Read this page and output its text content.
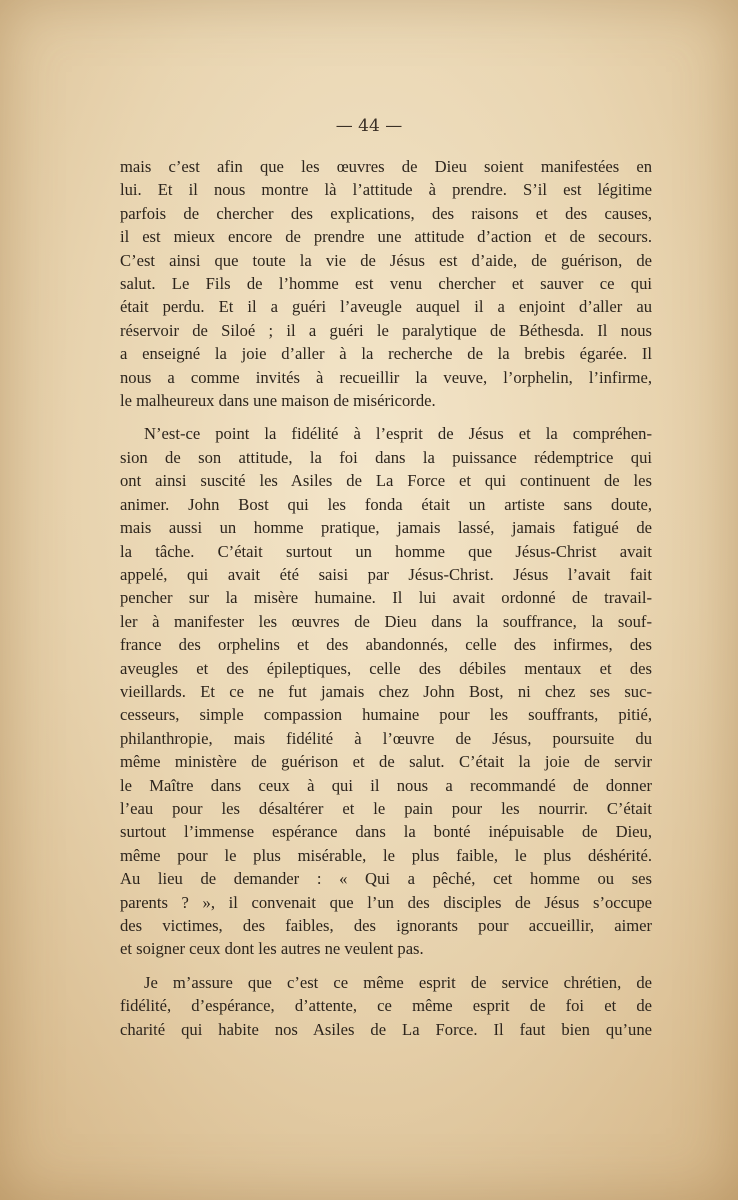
— 44 —

mais c’est afin que les œuvres de Dieu soient manifestées en
lui. Et il nous montre là l’attitude à prendre. S’il est légitime
parfois de chercher des explications, des raisons et des causes,
il est mieux encore de prendre une attitude d’action et de secours.
C’est ainsi que toute la vie de Jésus est d’aide, de guérison, de
salut. Le Fils de l’homme est venu chercher et sauver ce qui
était perdu. Et il a guéri l’aveugle auquel il a enjoint d’aller au
réservoir de Siloé ; il a guéri le paralytique de Béthesda. Il nous
a enseigné la joie d’aller à la recherche de la brebis égarée. Il
nous a comme invités à recueillir la veuve, l’orphelin, l’infirme,
le malheureux dans une maison de miséricorde.

N’est-ce point la fidélité à l’esprit de Jésus et la compréhen-
sion de son attitude, la foi dans la puissance rédemptrice qui
ont ainsi suscité les Asiles de La Force et qui continuent de les
animer. John Bost qui les fonda était un artiste sans doute,
mais aussi un homme pratique, jamais lassé, jamais fatigué de
la tâche. C’était surtout un homme que Jésus-Christ avait
appelé, qui avait été saisi par Jésus-Christ. Jésus l’avait fait
pencher sur la misère humaine. Il lui avait ordonné de travail-
ler à manifester les œuvres de Dieu dans la souffrance, la souf-
france des orphelins et des abandonnés, celle des infirmes, des
aveugles et des épileptiques, celle des débiles mentaux et des
vieillards. Et ce ne fut jamais chez John Bost, ni chez ses suc-
cesseurs, simple compassion humaine pour les souffrants, pitié,
philanthropie, mais fidélité à l’œuvre de Jésus, poursuite du
même ministère de guérison et de salut. C’était la joie de servir
le Maître dans ceux à qui il nous a recommandé de donner
l’eau pour les désaltérer et le pain pour les nourrir. C’était
surtout l’immense espérance dans la bonté inépuisable de Dieu,
même pour le plus misérable, le plus faible, le plus déshérité.
Au lieu de demander : « Qui a pêché, cet homme ou ses
parents ? », il convenait que l’un des disciples de Jésus s’occupe
des victimes, des faibles, des ignorants pour accueillir, aimer
et soigner ceux dont les autres ne veulent pas.

Je m’assure que c’est ce même esprit de service chrétien, de
fidélité, d’espérance, d’attente, ce même esprit de foi et de
charité qui habite nos Asiles de La Force. Il faut bien qu’une
